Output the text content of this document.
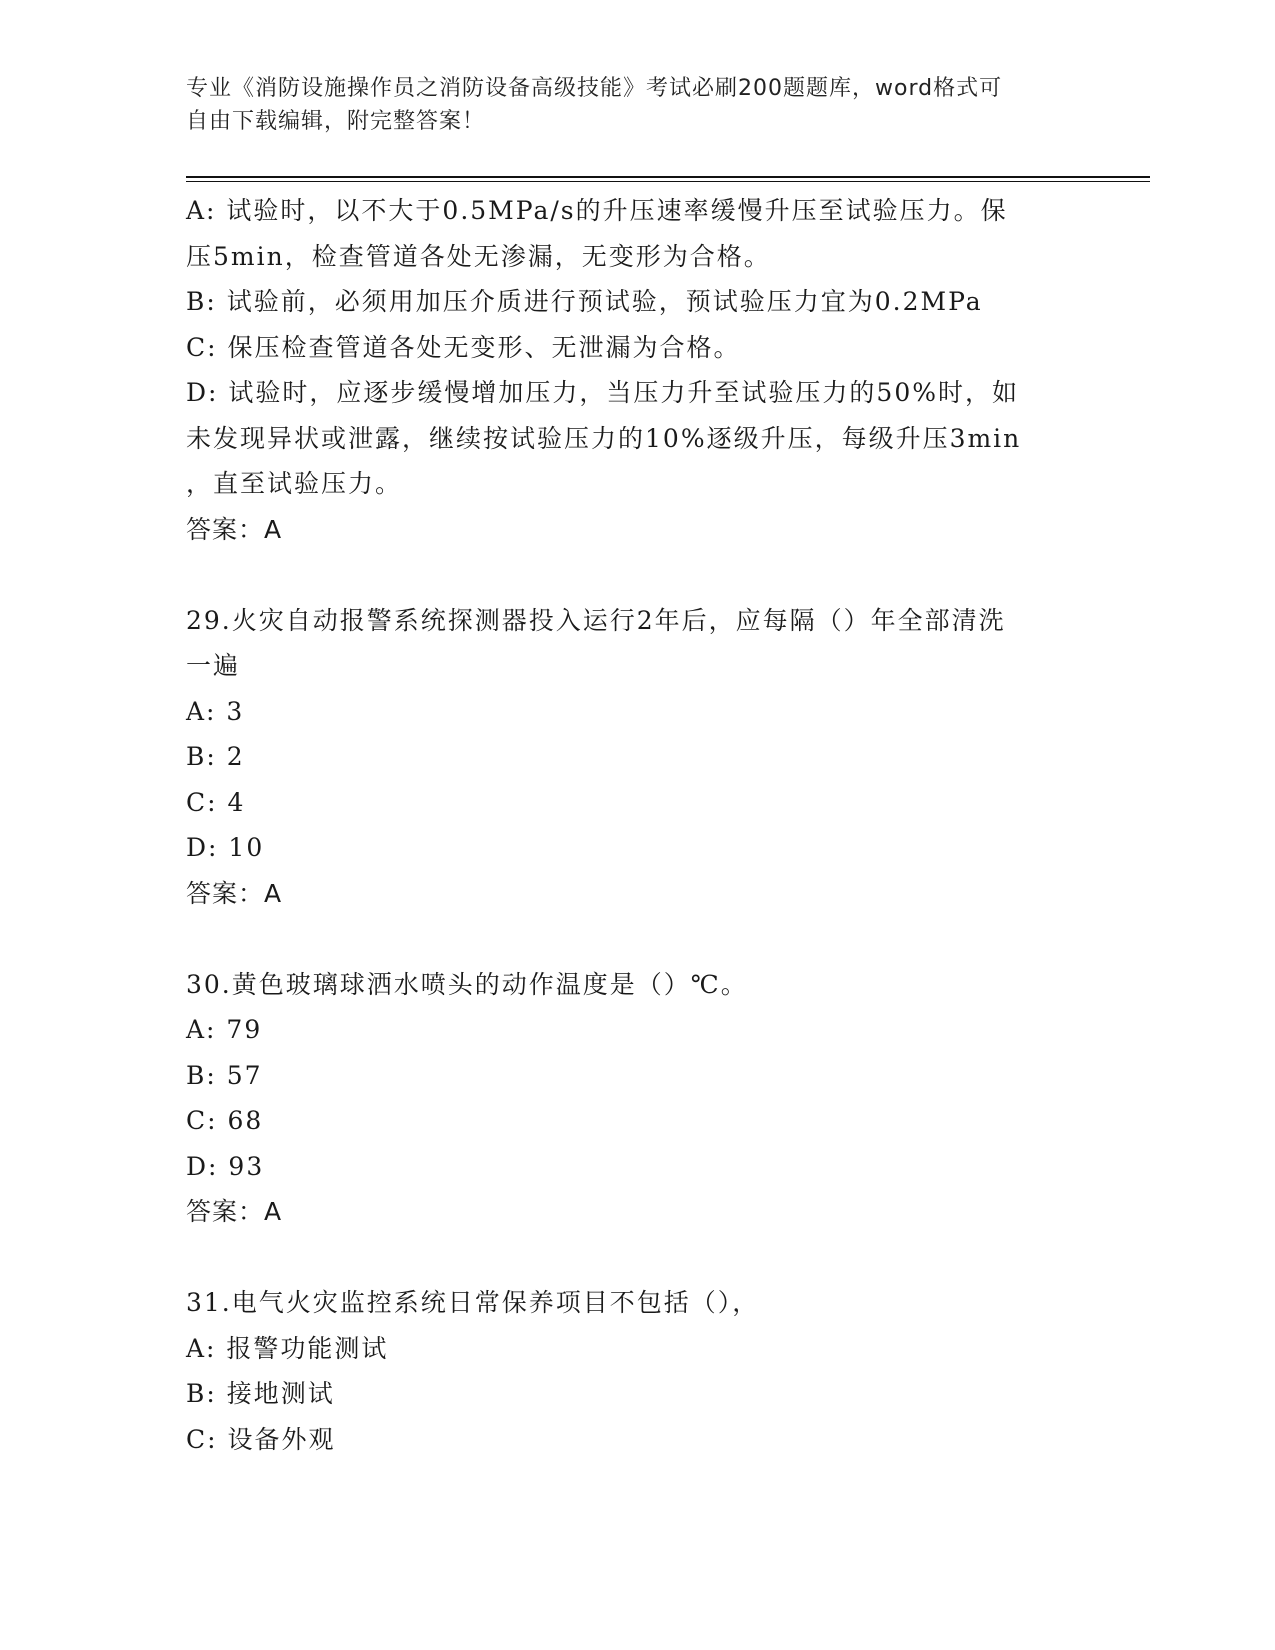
专业《消防设施操作员之消防设备高级技能》考试必刷200题题库，word格式可
自由下载编辑，附完整答案！
A: 试验时，以不大于0.5MPa/s的升压速率缓慢升压至试验压力。保
压5min，检查管道各处无渗漏，无变形为合格。
B: 试验前，必须用加压介质进行预试验，预试验压力宜为0.2MPa
C: 保压检查管道各处无变形、无泄漏为合格。
D: 试验时，应逐步缓慢增加压力，当压力升至试验压力的50%时，如
未发现异状或泄露，继续按试验压力的10%逐级升压，每级升压3min
，直至试验压力。
答案：A
29.火灾自动报警系统探测器投入运行2年后，应每隔（）年全部清洗
一遍
A: 3
B: 2
C: 4
D: 10
答案：A
30.黄色玻璃球洒水喷头的动作温度是（）℃。
A: 79
B: 57
C: 68
D: 93
答案：A
31.电气火灾监控系统日常保养项目不包括（），
A: 报警功能测试
B: 接地测试
C: 设备外观
